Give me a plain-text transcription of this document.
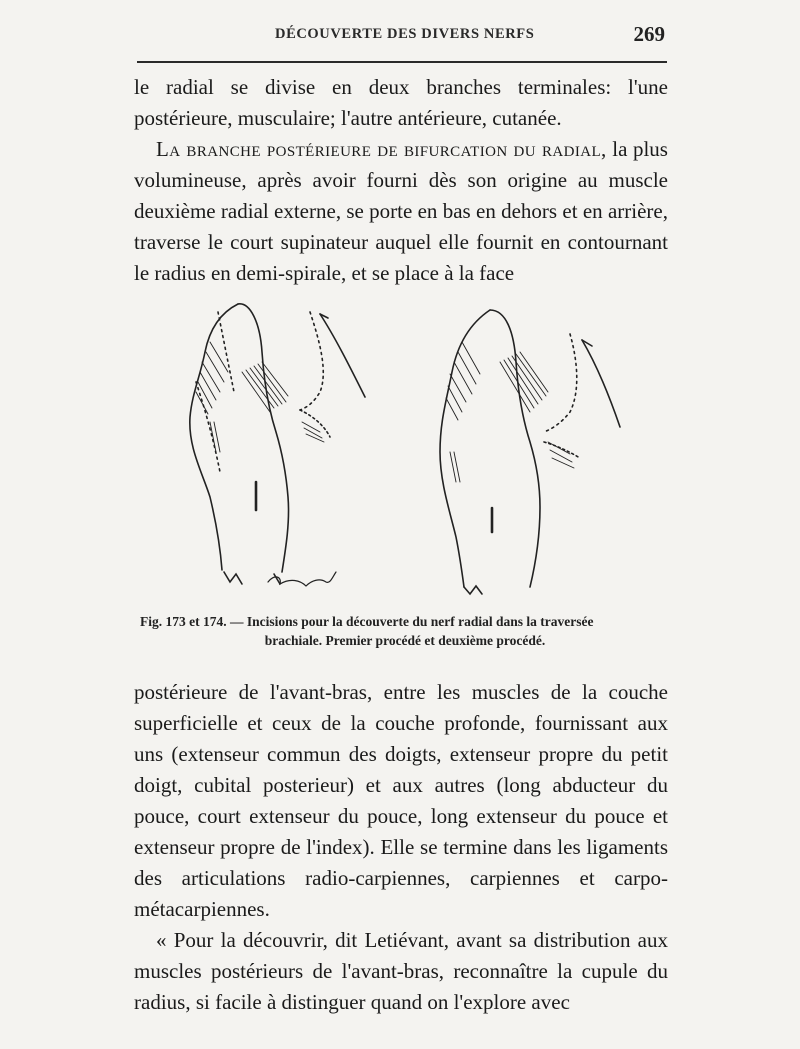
DÉCOUVERTE DES DIVERS NERFS	269

le radial se divise en deux branches terminales: l'une postérieure, musculaire; l'autre antérieure, cutanée.

La branche postérieure de bifurcation du radial, la plus volumineuse, après avoir fourni dès son origine au muscle deuxième radial externe, se porte en bas en dehors et en arrière, traverse le court supinateur auquel elle fournit en contournant le radius en demi-spirale, et se place à la face

Fig. 173 et 174. — Incisions pour la découverte du nerf radial dans la traversée
brachiale. Premier procédé et deuxième procédé.

postérieure de l'avant-bras, entre les muscles de la couche superficielle et ceux de la couche profonde, fournissant aux uns (extenseur commun des doigts, extenseur propre du petit doigt, cubital posterieur) et aux autres (long abducteur du pouce, court extenseur du pouce, long extenseur du pouce et extenseur propre de l'index). Elle se termine dans les ligaments des articulations radio-carpiennes, carpiennes et carpo-métacarpiennes.

« Pour la découvrir, dit Letiévant, avant sa distribution aux muscles postérieurs de l'avant-bras, reconnaître la cupule du radius, si facile à distinguer quand on l'explore avec
